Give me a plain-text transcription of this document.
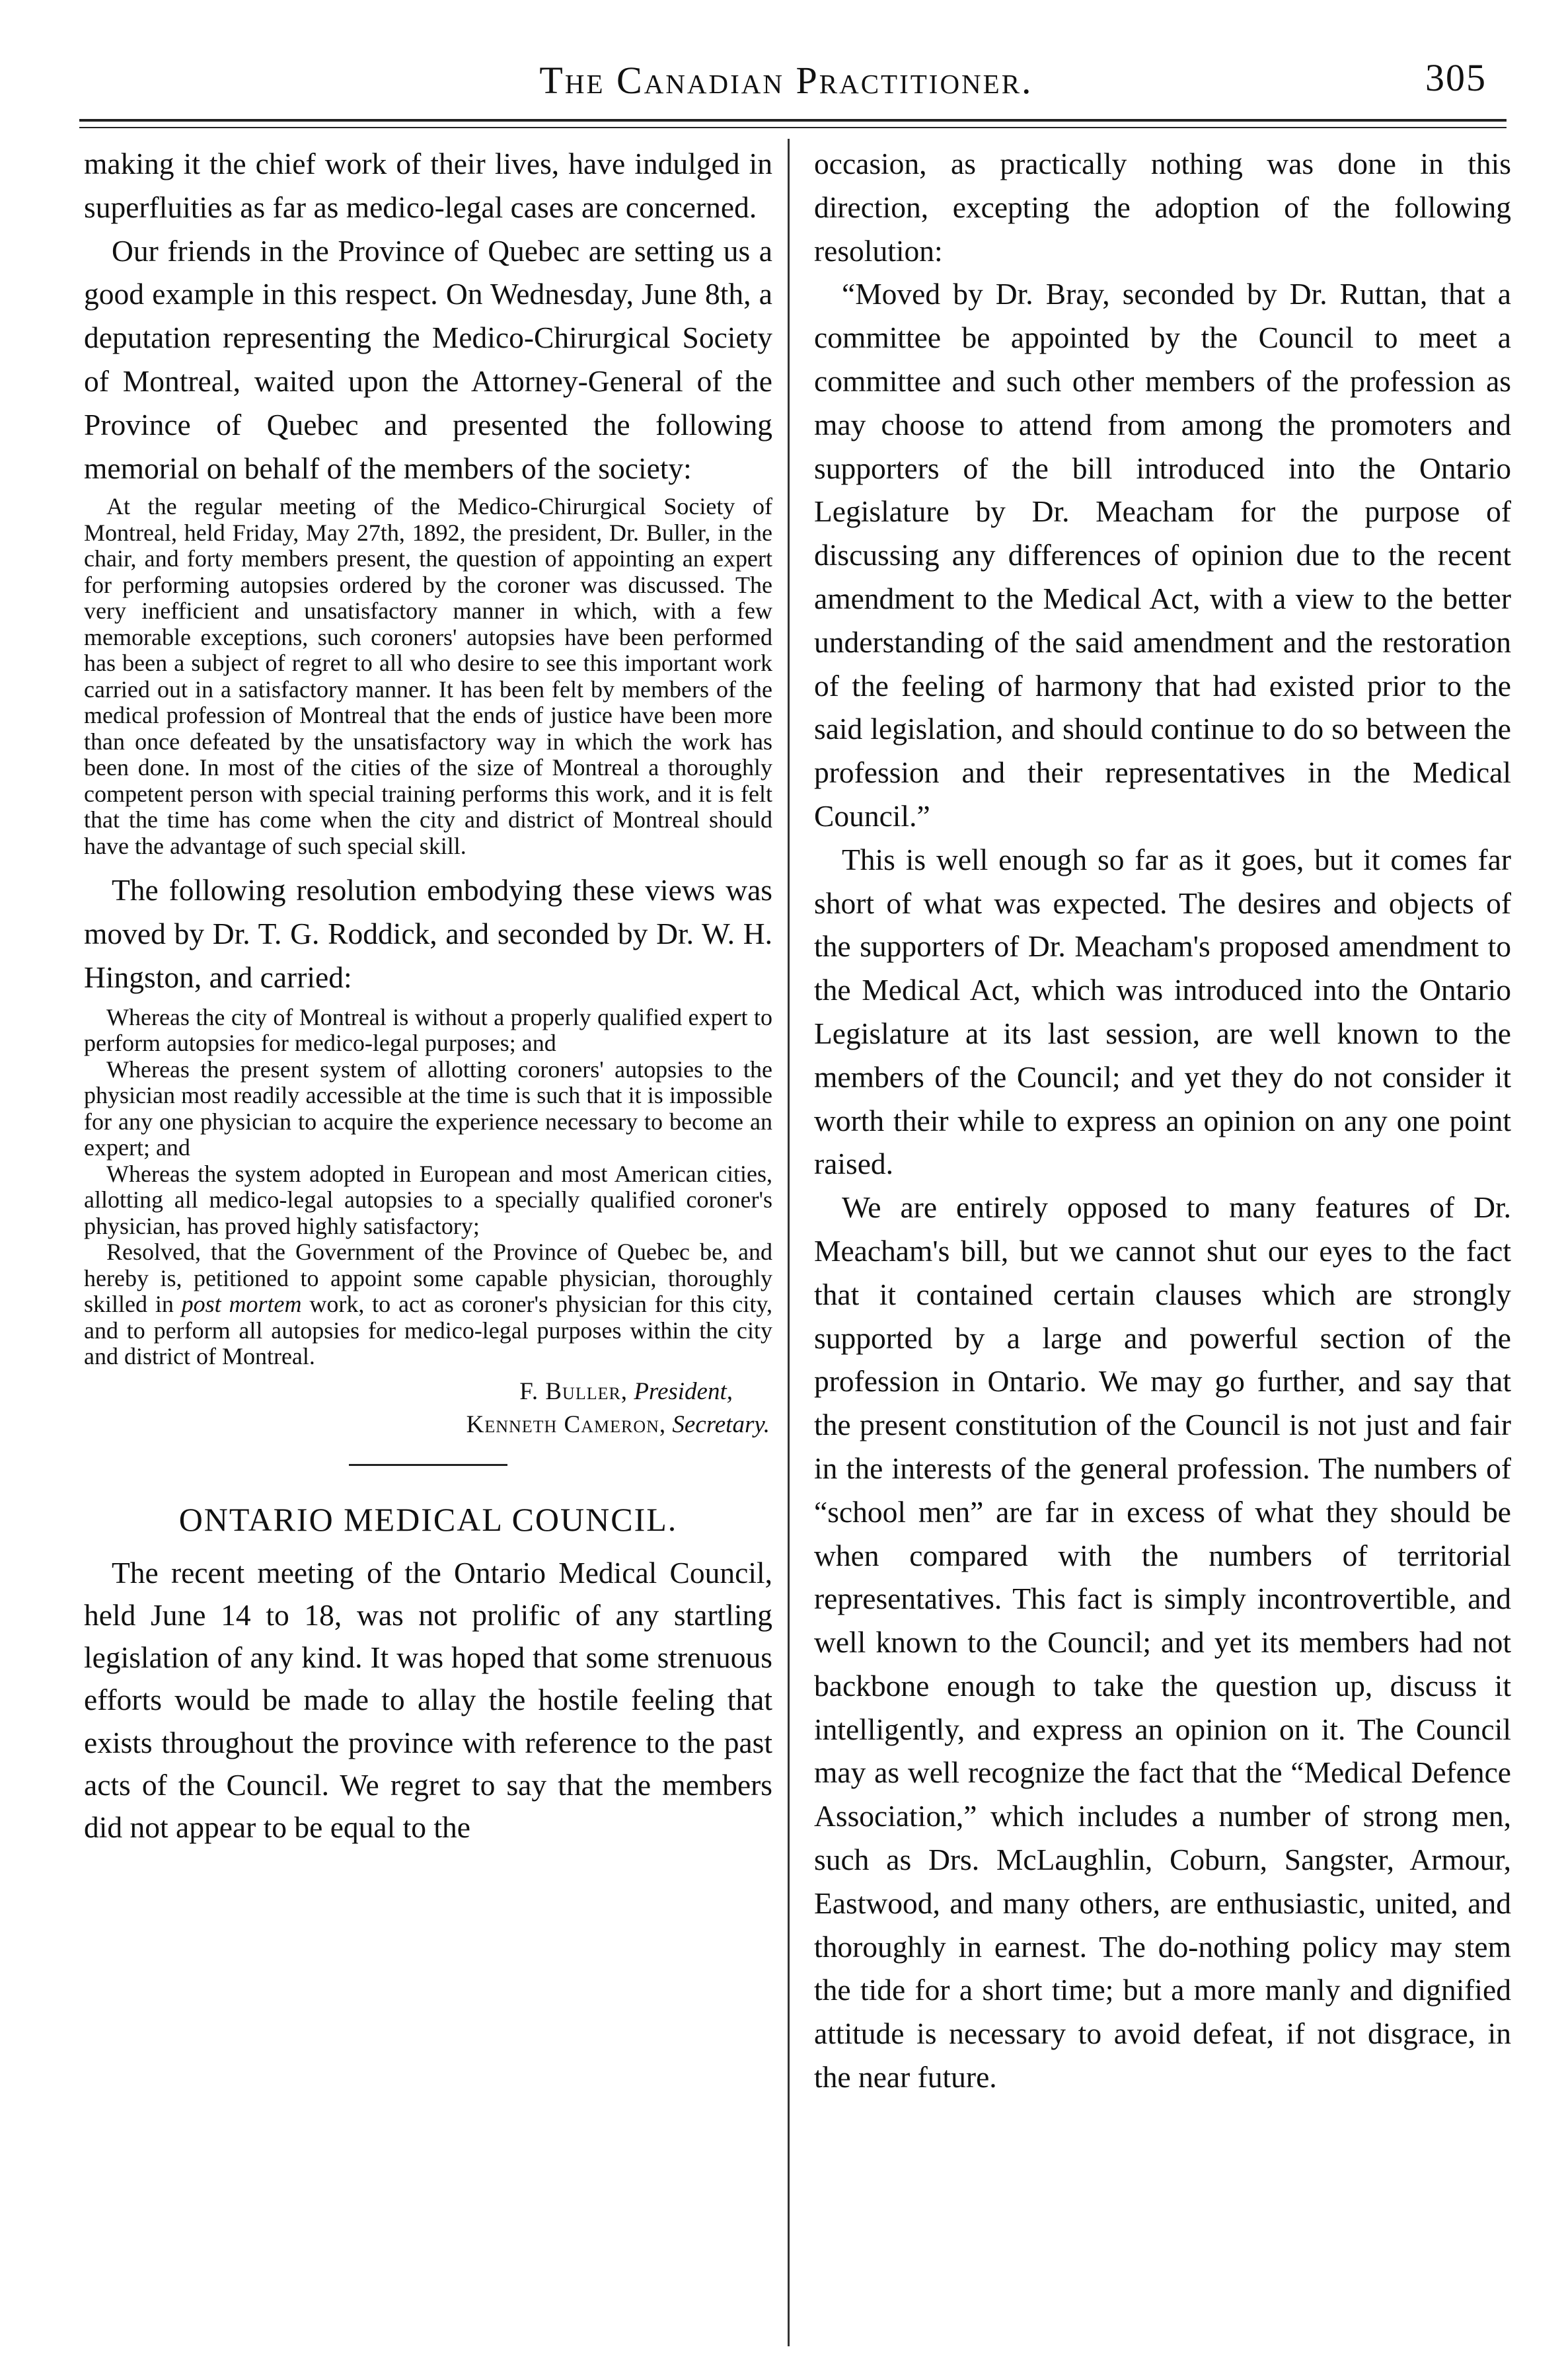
The Canadian Practitioner.	305

making it the chief work of their lives, have indulged in superfluities as far as medico-legal cases are concerned.

Our friends in the Province of Quebec are setting us a good example in this respect. On Wednesday, June 8th, a deputation representing the Medico-Chirurgical Society of Montreal, waited upon the Attorney-General of the Province of Quebec and presented the following memorial on behalf of the members of the society:

At the regular meeting of the Medico-Chirurgical Society of Montreal, held Friday, May 27th, 1892, the president, Dr. Buller, in the chair, and forty members present, the question of appointing an expert for performing autopsies ordered by the coroner was discussed. The very inefficient and unsatisfactory manner in which, with a few memorable exceptions, such coroners' autopsies have been performed has been a subject of regret to all who desire to see this important work carried out in a satisfactory manner. It has been felt by members of the medical profession of Montreal that the ends of justice have been more than once defeated by the unsatisfactory way in which the work has been done. In most of the cities of the size of Montreal a thoroughly competent person with special training performs this work, and it is felt that the time has come when the city and district of Montreal should have the advantage of such special skill.

The following resolution embodying these views was moved by Dr. T. G. Roddick, and seconded by Dr. W. H. Hingston, and carried:

Whereas the city of Montreal is without a properly qualified expert to perform autopsies for medico-legal purposes; and

Whereas the present system of allotting coroners' autopsies to the physician most readily accessible at the time is such that it is impossible for any one physician to acquire the experience necessary to become an expert; and

Whereas the system adopted in European and most American cities, allotting all medico-legal autopsies to a specially qualified coroner's physician, has proved highly satisfactory;

Resolved, that the Government of the Province of Quebec be, and hereby is, petitioned to appoint some capable physician, thoroughly skilled in post mortem work, to act as coroner's physician for this city, and to perform all autopsies for medico-legal purposes within the city and district of Montreal.

F. Buller, President,

Kenneth Cameron, Secretary.

ONTARIO MEDICAL COUNCIL.

The recent meeting of the Ontario Medical Council, held June 14 to 18, was not prolific of any startling legislation of any kind. It was hoped that some strenuous efforts would be made to allay the hostile feeling that exists throughout the province with reference to the past acts of the Council. We regret to say that the members did not appear to be equal to the

occasion, as practically nothing was done in this direction, excepting the adoption of the following resolution:

“Moved by Dr. Bray, seconded by Dr. Ruttan, that a committee be appointed by the Council to meet a committee and such other members of the profession as may choose to attend from among the promoters and supporters of the bill introduced into the Ontario Legislature by Dr. Meacham for the purpose of discussing any differences of opinion due to the recent amendment to the Medical Act, with a view to the better understanding of the said amendment and the restoration of the feeling of harmony that had existed prior to the said legislation, and should continue to do so between the profession and their representatives in the Medical Council.”

This is well enough so far as it goes, but it comes far short of what was expected. The desires and objects of the supporters of Dr. Meacham's proposed amendment to the Medical Act, which was introduced into the Ontario Legislature at its last session, are well known to the members of the Council; and yet they do not consider it worth their while to express an opinion on any one point raised.

We are entirely opposed to many features of Dr. Meacham's bill, but we cannot shut our eyes to the fact that it contained certain clauses which are strongly supported by a large and powerful section of the profession in Ontario. We may go further, and say that the present constitution of the Council is not just and fair in the interests of the general profession. The numbers of “school men” are far in excess of what they should be when compared with the numbers of territorial representatives. This fact is simply incontrovertible, and well known to the Council; and yet its members had not backbone enough to take the question up, discuss it intelligently, and express an opinion on it. The Council may as well recognize the fact that the “Medical Defence Association,” which includes a number of strong men, such as Drs. McLaughlin, Coburn, Sangster, Armour, Eastwood, and many others, are enthusiastic, united, and thoroughly in earnest. The do-nothing policy may stem the tide for a short time; but a more manly and dignified attitude is necessary to avoid defeat, if not disgrace, in the near future.
